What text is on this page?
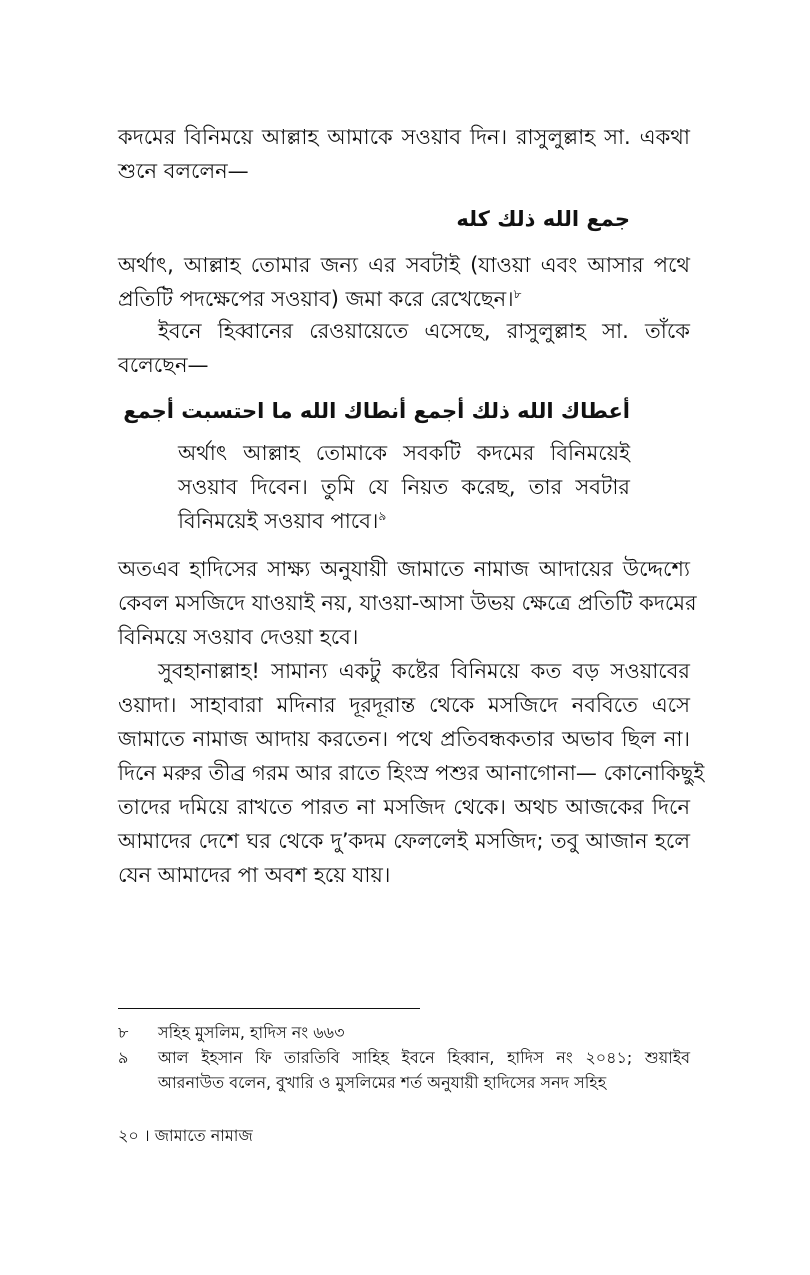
কদমের বিনিময়ে আল্লাহ আমাকে সওয়াব দিন। রাসুলুল্লাহ সা. একথা
শুনে বললেন—
جمع الله ذلك كله
অর্থাৎ, আল্লাহ তোমার জন্য এর সবটাই (যাওয়া এবং আসার পথে
প্রতিটি পদক্ষেপের সওয়াব) জমা করে রেখেছেন।$^৮$
ইবনে হিব্বানের রেওয়ায়েতে এসেছে, রাসুলুল্লাহ সা. তাঁকে
বলেছেন—
أعطاك الله ذلك أجمع أنطاك الله ما احتسبت أجمع
অর্থাৎ আল্লাহ তোমাকে সবকটি কদমের বিনিময়েই
সওয়াব দিবেন। তুমি যে নিয়ত করেছ, তার সবটার
বিনিময়েই সওয়াব পাবে।$^৯$
অতএব হাদিসের সাক্ষ্য অনুযায়ী জামাতে নামাজ আদায়ের উদ্দেশ্যে
কেবল মসজিদে যাওয়াই নয়, যাওয়া-আসা উভয় ক্ষেত্রে প্রতিটি কদমের
বিনিময়ে সওয়াব দেওয়া হবে।
সুবহানাল্লাহ! সামান্য একটু কষ্টের বিনিময়ে কত বড় সওয়াবের
ওয়াদা। সাহাবারা মদিনার দূরদূরান্ত থেকে মসজিদে নববিতে এসে
জামাতে নামাজ আদায় করতেন। পথে প্রতিবন্ধকতার অভাব ছিল না।
দিনে মরুর তীব্র গরম আর রাতে হিংস্র পশুর আনাগোনা— কোনোকিছুই
তাদের দমিয়ে রাখতে পারত না মসজিদ থেকে। অথচ আজকের দিনে
আমাদের দেশে ঘর থেকে দু’কদম ফেললেই মসজিদ; তবু আজান হলে
যেন আমাদের পা অবশ হয়ে যায়।
৮	সহিহ মুসলিম, হাদিস নং ৬৬৩
৯	আল ইহসান ফি তারতিবি সাহিহ ইবনে হিব্বান, হাদিস নং ২০৪১; শুয়াইব
আরনাউত বলেন, বুখারি ও মুসলিমের শর্ত অনুযায়ী হাদিসের সনদ সহিহ
২০ । জামাতে নামাজ
